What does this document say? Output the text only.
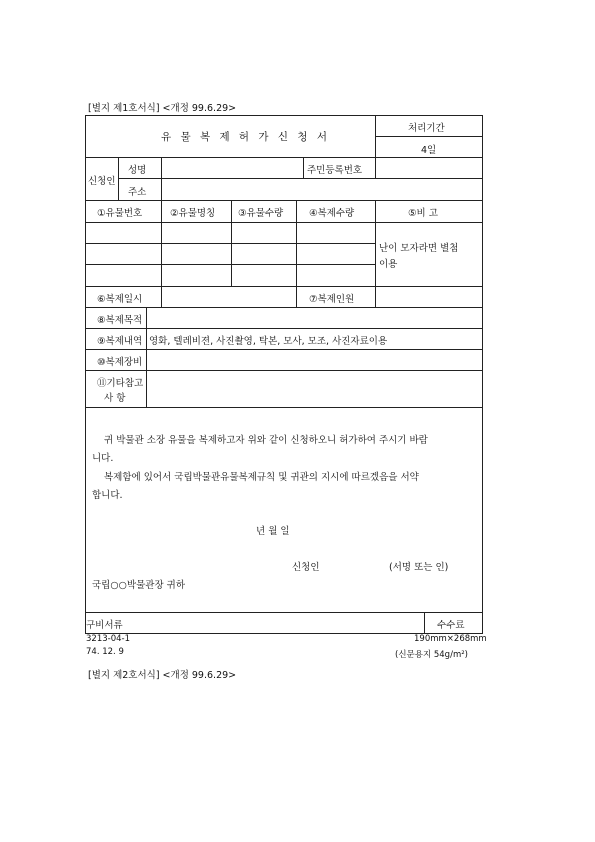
[별지 제1호서식] <개정 99.6.29>
유 물 복 제 허 가 신 청 서
처리기간
4일
신청인
성명	주민등록번호
주소
①유물번호	②유물명칭 ③유물수량	④복제수량	⑤비 고
난이 모자라면 별첨
이용
⑥복제일시	⑦복제인원
⑧복제목적
⑨복제내역 영화, 텔레비젼, 사진촬영, 탁본, 모사, 모조, 사진자료이용
⑩복제장비
⑪기타참고
사 항
귀 박물관 소장 유물을 복제하고자 위와 같이 신청하오니 허가하여 주시기 바람
니다.
복제함에 있어서 국립박물관유물복제규칙 및 귀관의 지시에 따르겠음을 서약
합니다.
년 월 일
신청인	(서명 또는 인)
국립○○박물관장 귀하
구비서류	수수료
3213-04-1
74. 12. 9
190mm×268mm
(신문용지 54g/m²)
[별지 제2호서식] <개정 99.6.29>
